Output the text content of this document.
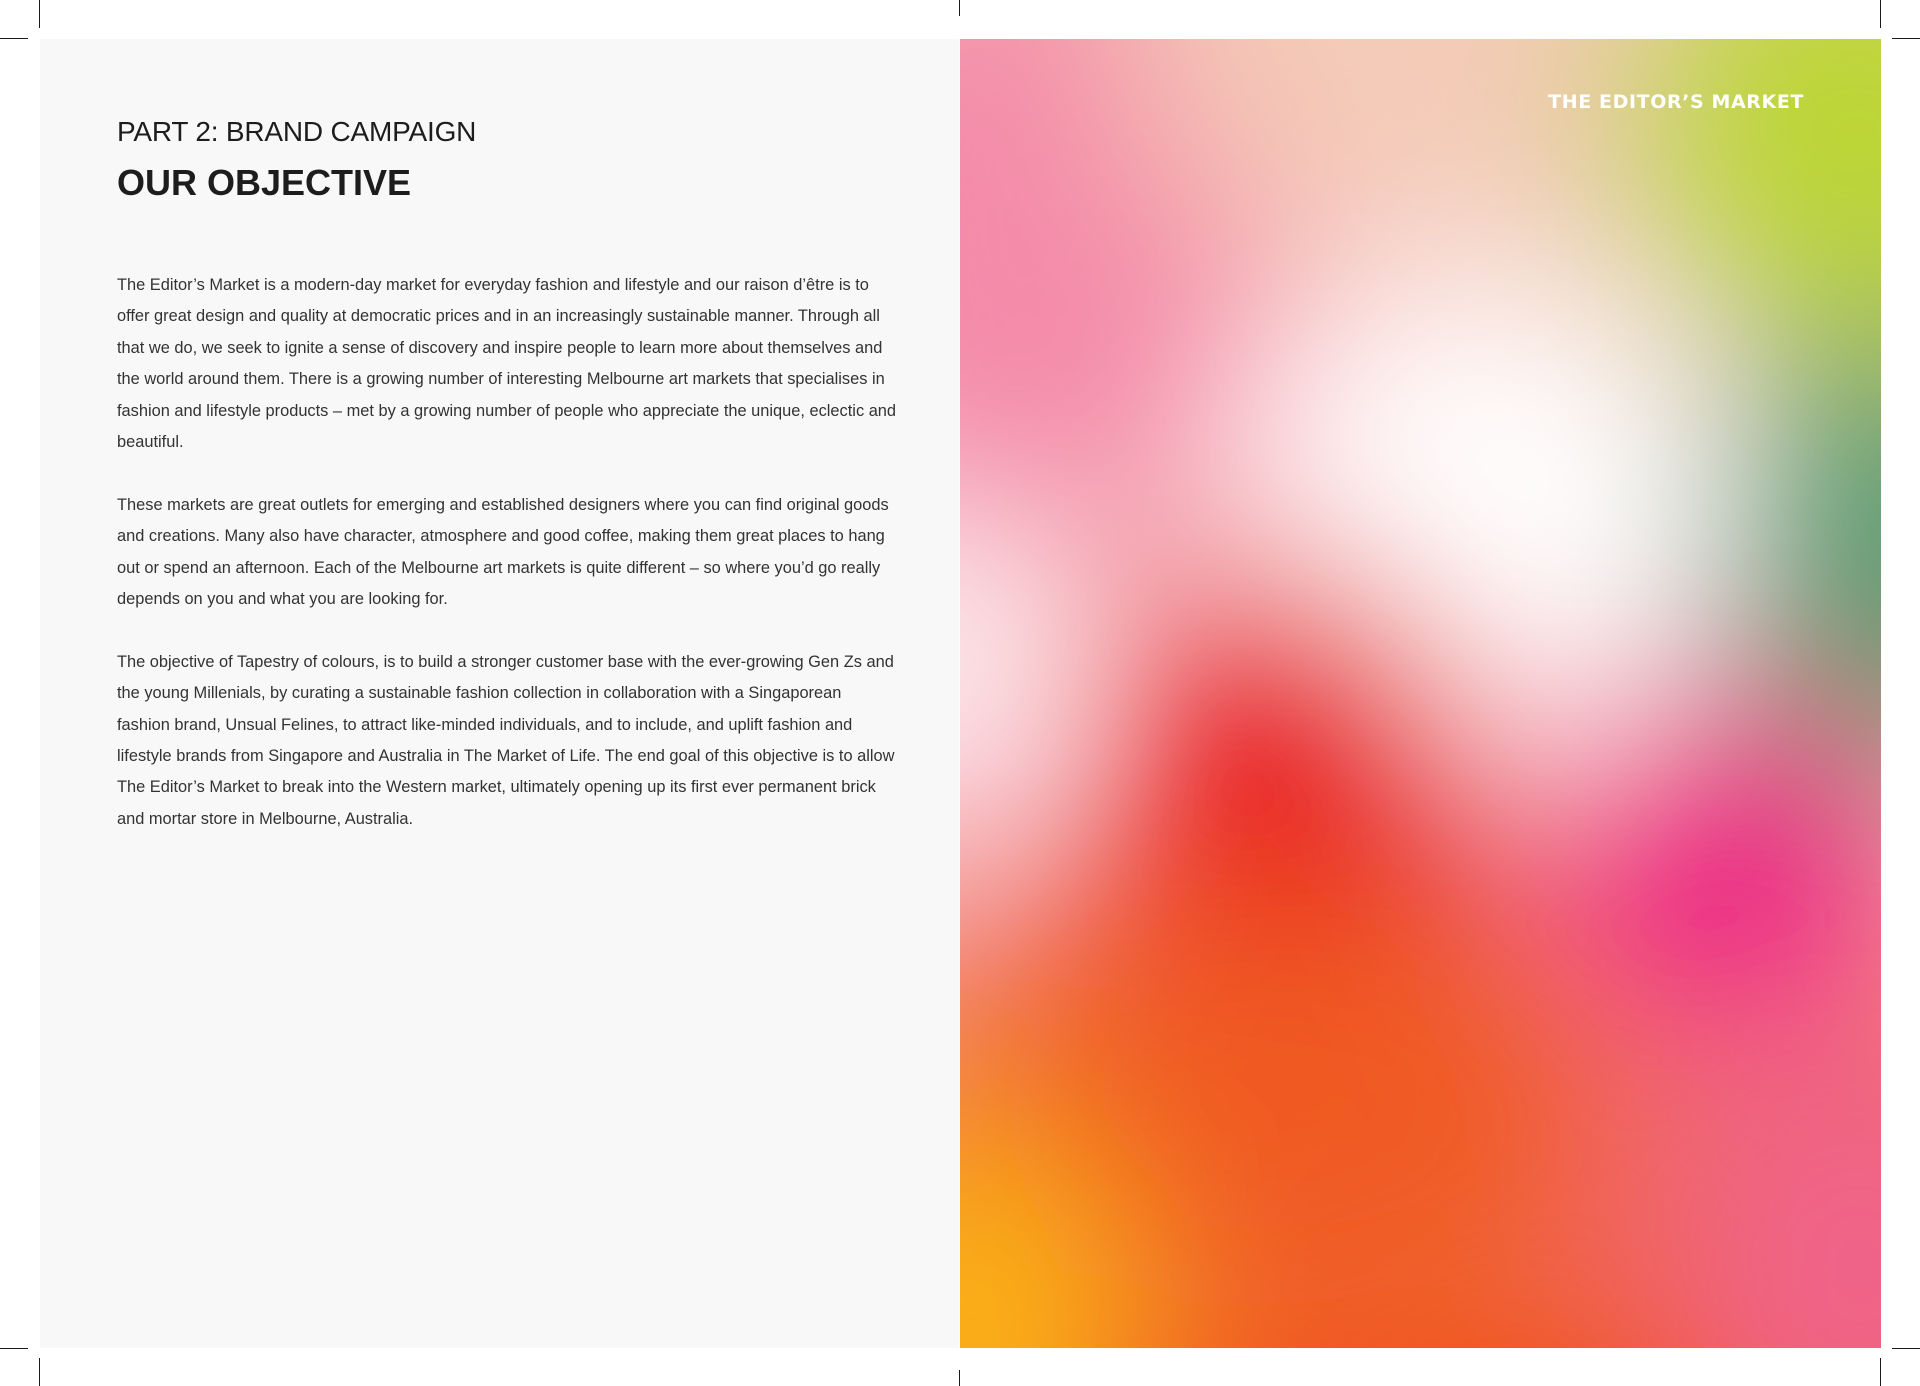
PART 2: BRAND CAMPAIGN
OUR OBJECTIVE

The Editor’s Market is a modern-day market for everyday fashion and lifestyle and our raison d’être is to offer great design and quality at democratic prices and in an increasingly sustainable manner. Through all that we do, we seek to ignite a sense of discovery and inspire people to learn more about themselves and the world around them. There is a growing number of interesting Melbourne art markets that specialises in fashion and lifestyle products – met by a growing number of people who appreciate the unique, eclectic and beautiful.

These markets are great outlets for emerging and established designers where you can find original goods and creations. Many also have character, atmosphere and good coffee, making them great places to hang out or spend an afternoon. Each of the Melbourne art markets is quite different – so where you’d go really depends on you and what you are looking for.

The objective of Tapestry of colours, is to build a stronger customer base with the ever-growing Gen Zs and the young Millenials, by curating a sustainable fashion collection in collaboration with a Singaporean fashion brand, Unsual Felines, to attract like-minded individuals, and to include, and uplift fashion and lifestyle brands from Singapore and Australia in The Market of Life. The end goal of this objective is to allow The Editor’s Market to break into the Western market, ultimately opening up its first ever permanent brick and mortar store in Melbourne, Australia.

THE EDITOR’S MARKET
